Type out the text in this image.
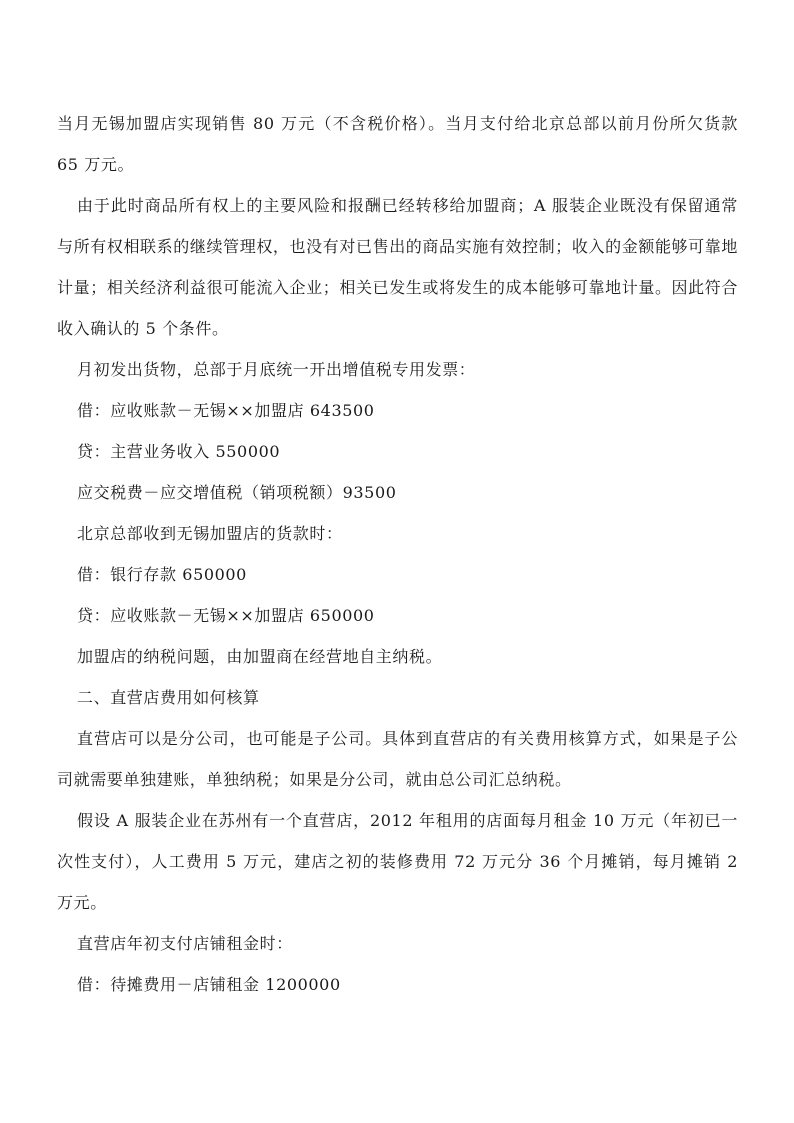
当月无锡加盟店实现销售 80 万元（不含税价格）。当月支付给北京总部以前月份所欠货款 65 万元。

由于此时商品所有权上的主要风险和报酬已经转移给加盟商；A 服装企业既没有保留通常与所有权相联系的继续管理权，也没有对已售出的商品实施有效控制；收入的金额能够可靠地计量；相关经济利益很可能流入企业；相关已发生或将发生的成本能够可靠地计量。因此符合收入确认的 5 个条件。

月初发出货物，总部于月底统一开出增值税专用发票：

借：应收账款－无锡××加盟店 643500

贷：主营业务收入 550000

应交税费－应交增值税（销项税额）93500

北京总部收到无锡加盟店的货款时：

借：银行存款 650000

贷：应收账款－无锡××加盟店 650000

加盟店的纳税问题，由加盟商在经营地自主纳税。

二、直营店费用如何核算

直营店可以是分公司，也可能是子公司。具体到直营店的有关费用核算方式，如果是子公司就需要单独建账，单独纳税；如果是分公司，就由总公司汇总纳税。

假设 A 服装企业在苏州有一个直营店，2012 年租用的店面每月租金 10 万元（年初已一次性支付），人工费用 5 万元，建店之初的装修费用 72 万元分 36 个月摊销，每月摊销 2 万元。

直营店年初支付店铺租金时：

借：待摊费用－店铺租金 1200000
